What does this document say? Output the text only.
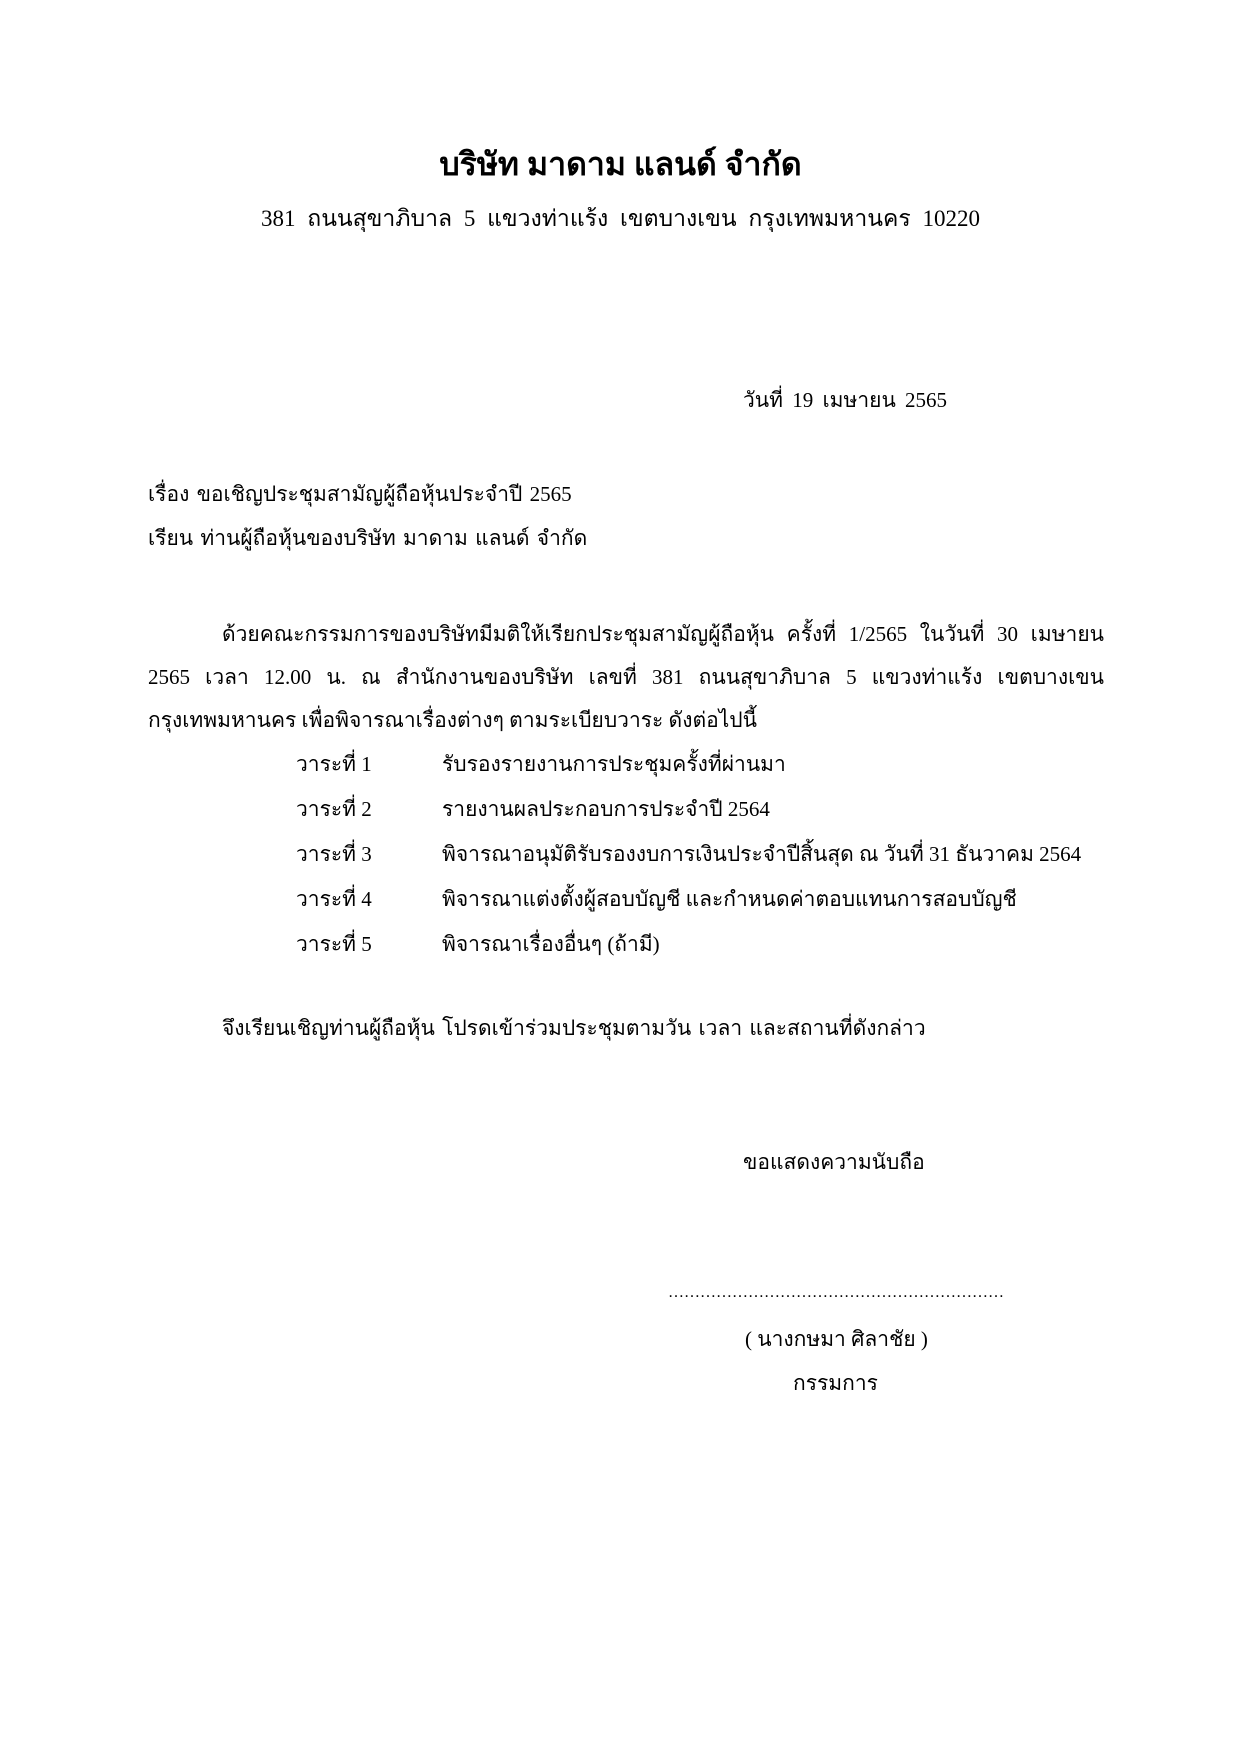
บริษัท มาดาม แลนด์ จำกัด
381 ถนนสุขาภิบาล 5 แขวงท่าแร้ง เขตบางเขน กรุงเทพมหานคร 10220
วันที่ 19 เมษายน 2565
เรื่อง ขอเชิญประชุมสามัญผู้ถือหุ้นประจำปี 2565
เรียน ท่านผู้ถือหุ้นของบริษัท มาดาม แลนด์ จำกัด
ด้วยคณะกรรมการของบริษัทมีมติให้เรียกประชุมสามัญผู้ถือหุ้น ครั้งที่ 1/2565 ในวันที่ 30 เมษายน
2565 เวลา 12.00 น. ณ สำนักงานของบริษัท เลขที่ 381 ถนนสุขาภิบาล 5 แขวงท่าแร้ง เขตบางเขน
กรุงเทพมหานคร เพื่อพิจารณาเรื่องต่างๆ ตามระเบียบวาระ ดังต่อไปนี้
วาระที่ 1	รับรองรายงานการประชุมครั้งที่ผ่านมา
วาระที่ 2	รายงานผลประกอบการประจำปี 2564
วาระที่ 3	พิจารณาอนุมัติรับรองงบการเงินประจำปีสิ้นสุด ณ วันที่ 31 ธันวาคม 2564
วาระที่ 4	พิจารณาแต่งตั้งผู้สอบบัญชี และกำหนดค่าตอบแทนการสอบบัญชี
วาระที่ 5	พิจารณาเรื่องอื่นๆ (ถ้ามี)
จึงเรียนเชิญท่านผู้ถือหุ้น โปรดเข้าร่วมประชุมตามวัน เวลา และสถานที่ดังกล่าว
ขอแสดงความนับถือ
………………………………………………………
( นางกษมา ศิลาชัย )
กรรมการ
